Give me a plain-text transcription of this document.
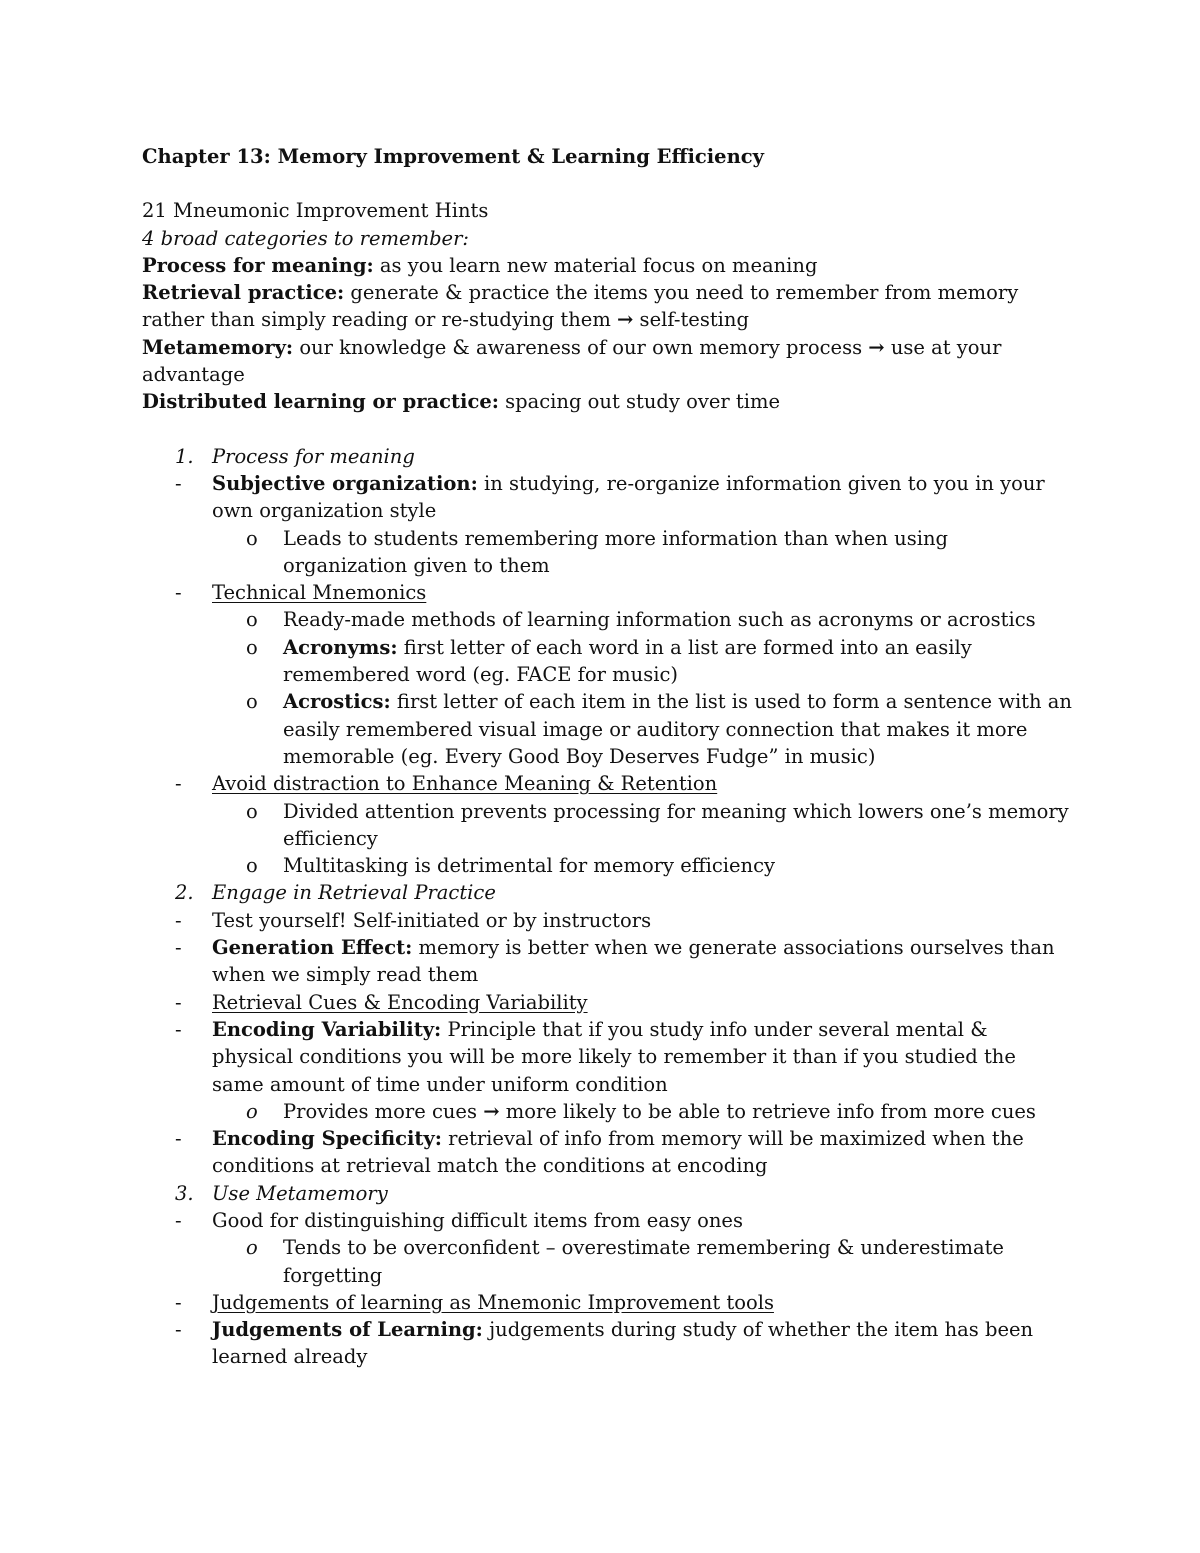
Chapter 13: Memory Improvement & Learning Efficiency

21 Mneumonic Improvement Hints

4 broad categories to remember:

Process for meaning: as you learn new material focus on meaning

Retrieval practice: generate & practice the items you need to remember from memory rather than simply reading or re-studying them → self-testing

Metamemory: our knowledge & awareness of our own memory process → use at your advantage

Distributed learning or practice: spacing out study over time

1. Process for meaning
- Subjective organization: in studying, re-organize information given to you in your own organization style
o Leads to students remembering more information than when using organization given to them
- Technical Mnemonics
o Ready-made methods of learning information such as acronyms or acrostics
o Acronyms: first letter of each word in a list are formed into an easily remembered word (eg. FACE for music)
o Acrostics: first letter of each item in the list is used to form a sentence with an easily remembered visual image or auditory connection that makes it more memorable (eg. Every Good Boy Deserves Fudge” in music)
- Avoid distraction to Enhance Meaning & Retention
o Divided attention prevents processing for meaning which lowers one’s memory efficiency
o Multitasking is detrimental for memory efficiency
2. Engage in Retrieval Practice
- Test yourself! Self-initiated or by instructors
- Generation Effect: memory is better when we generate associations ourselves than when we simply read them
- Retrieval Cues & Encoding Variability
- Encoding Variability: Principle that if you study info under several mental & physical conditions you will be more likely to remember it than if you studied the same amount of time under uniform condition
o Provides more cues → more likely to be able to retrieve info from more cues
- Encoding Specificity: retrieval of info from memory will be maximized when the conditions at retrieval match the conditions at encoding
3. Use Metamemory
- Good for distinguishing difficult items from easy ones
o Tends to be overconfident – overestimate remembering & underestimate forgetting
- Judgements of learning as Mnemonic Improvement tools
- Judgements of Learning: judgements during study of whether the item has been learned already
